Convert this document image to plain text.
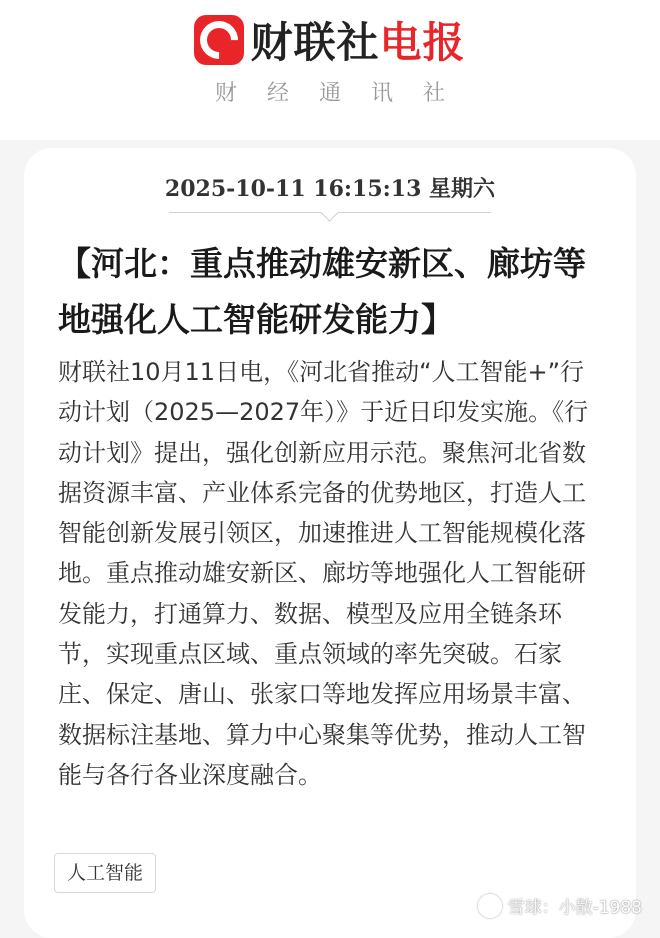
财联社 电报
财经通讯社
2025-10-11 16:15:13 星期六
【河北：重点推动雄安新区、廊坊等地强化人工智能研发能力】
财联社10月11日电，《河北省推动“人工智能+”行动计划（2025—2027年）》于近日印发实施。《行动计划》提出，强化创新应用示范。聚焦河北省数据资源丰富、产业体系完备的优势地区，打造人工智能创新发展引领区，加速推进人工智能规模化落地。重点推动雄安新区、廊坊等地强化人工智能研发能力，打通算力、数据、模型及应用全链条环节，实现重点区域、重点领域的率先突破。石家庄、保定、唐山、张家口等地发挥应用场景丰富、数据标注基地、算力中心聚集等优势，推动人工智能与各行各业深度融合。
人工智能
雪球：小散-1988
